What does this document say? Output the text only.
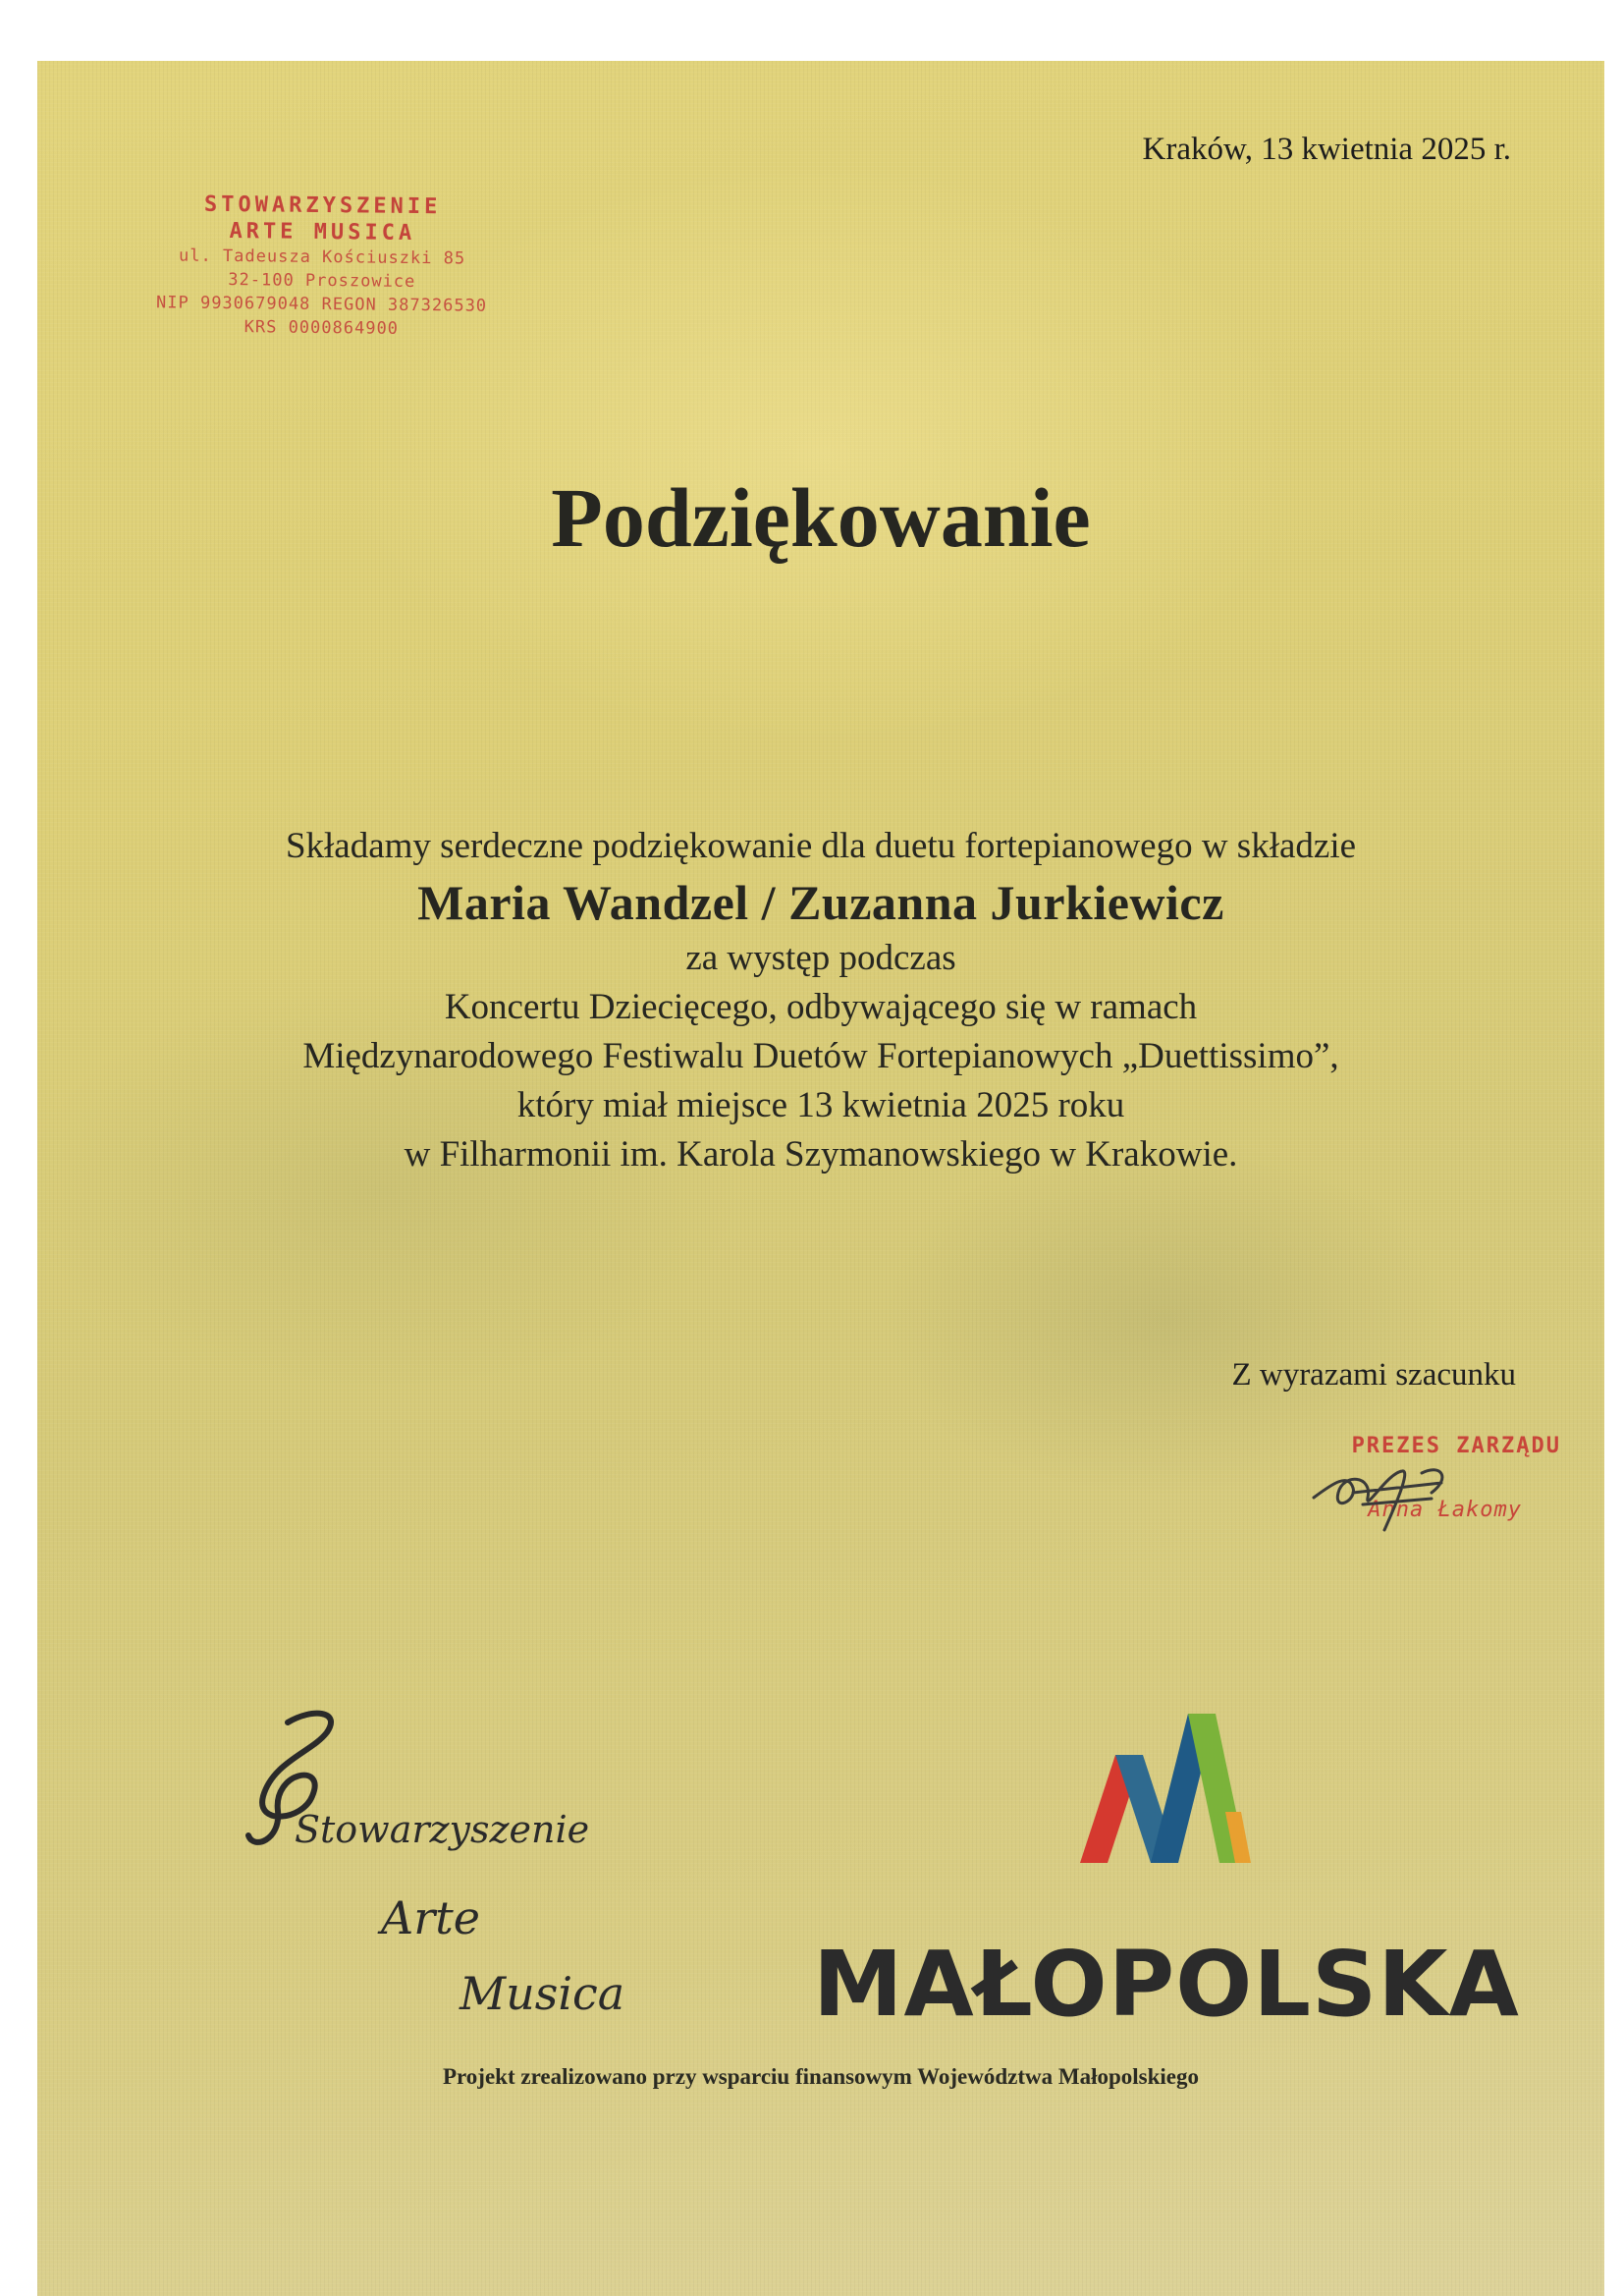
Kraków, 13 kwietnia 2025 r.
STOWARZYSZENIE
ARTE MUSICA
ul. Tadeusza Kościuszki 85
32-100 Proszowice
NIP 9930679048 REGON 387326530
KRS 0000864900
Podziękowanie
Składamy serdeczne podziękowanie dla duetu fortepianowego w składzie
Maria Wandzel / Zuzanna Jurkiewicz
za występ podczas
Koncertu Dziecięcego, odbywającego się w ramach
Międzynarodowego Festiwalu Duetów Fortepianowych „Duettissimo”,
który miał miejsce 13 kwietnia 2025 roku
w Filharmonii im. Karola Szymanowskiego w Krakowie.
Z wyrazami szacunku
PREZES ZARZĄDU
Anna Łakomy
Stowarzyszenie
Arte
Musica MAŁOPOLSKA
Projekt zrealizowano przy wsparciu finansowym Województwa Małopolskiego
